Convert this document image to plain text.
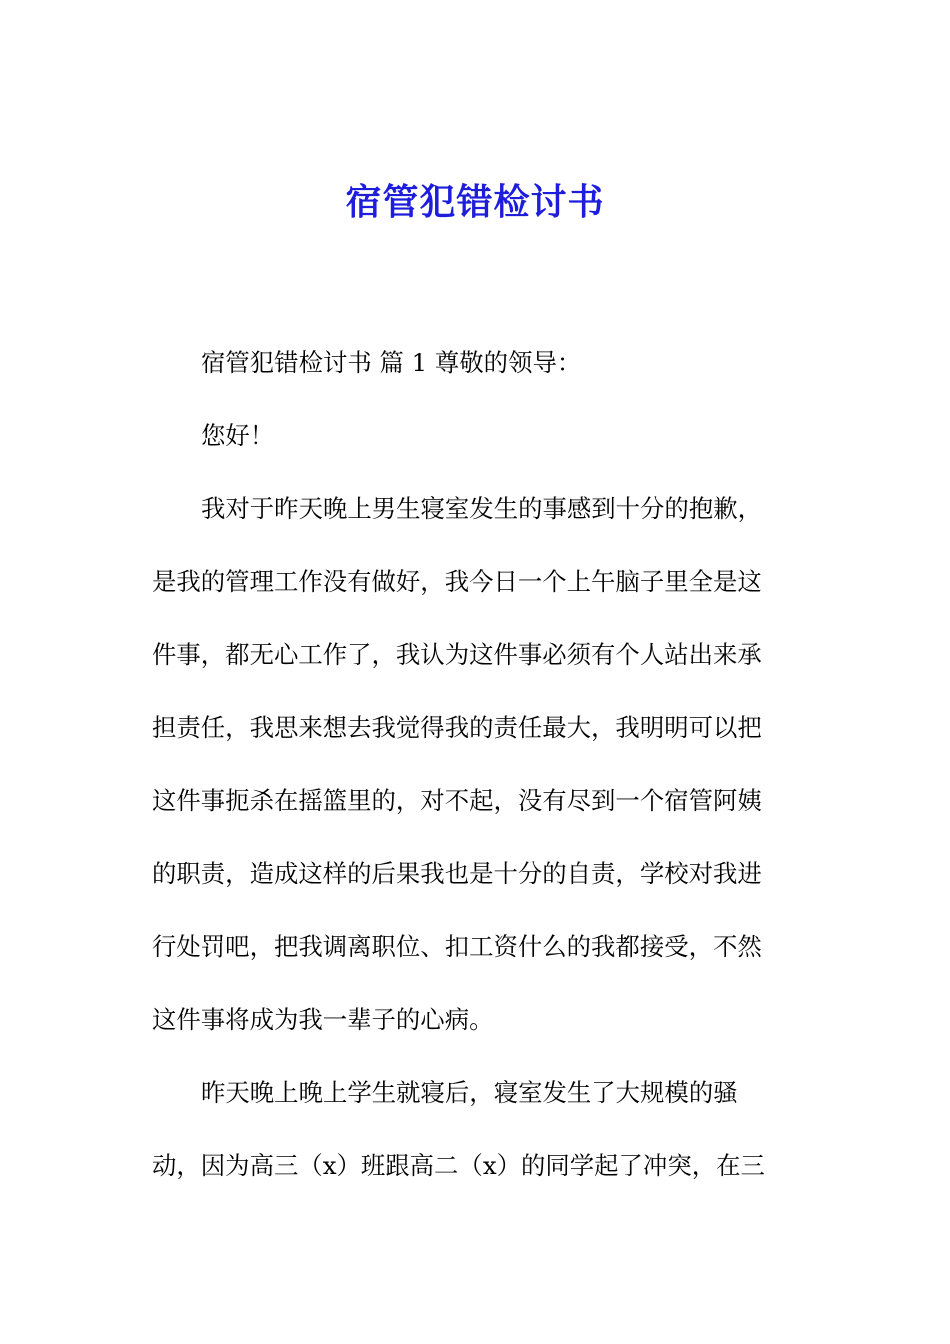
宿管犯错检讨书
宿管犯错检讨书 篇 1 尊敬的领导：
您好！
我对于昨天晚上男生寝室发生的事感到十分的抱歉，
是我的管理工作没有做好，我今日一个上午脑子里全是这
件事，都无心工作了，我认为这件事必须有个人站出来承
担责任，我思来想去我觉得我的责任最大，我明明可以把
这件事扼杀在摇篮里的，对不起，没有尽到一个宿管阿姨
的职责，造成这样的后果我也是十分的自责，学校对我进
行处罚吧，把我调离职位、扣工资什么的我都接受，不然
这件事将成为我一辈子的心病。
昨天晚上晚上学生就寝后，寝室发生了大规模的骚
动，因为高三（x）班跟高二（x）的同学起了冲突，在三
